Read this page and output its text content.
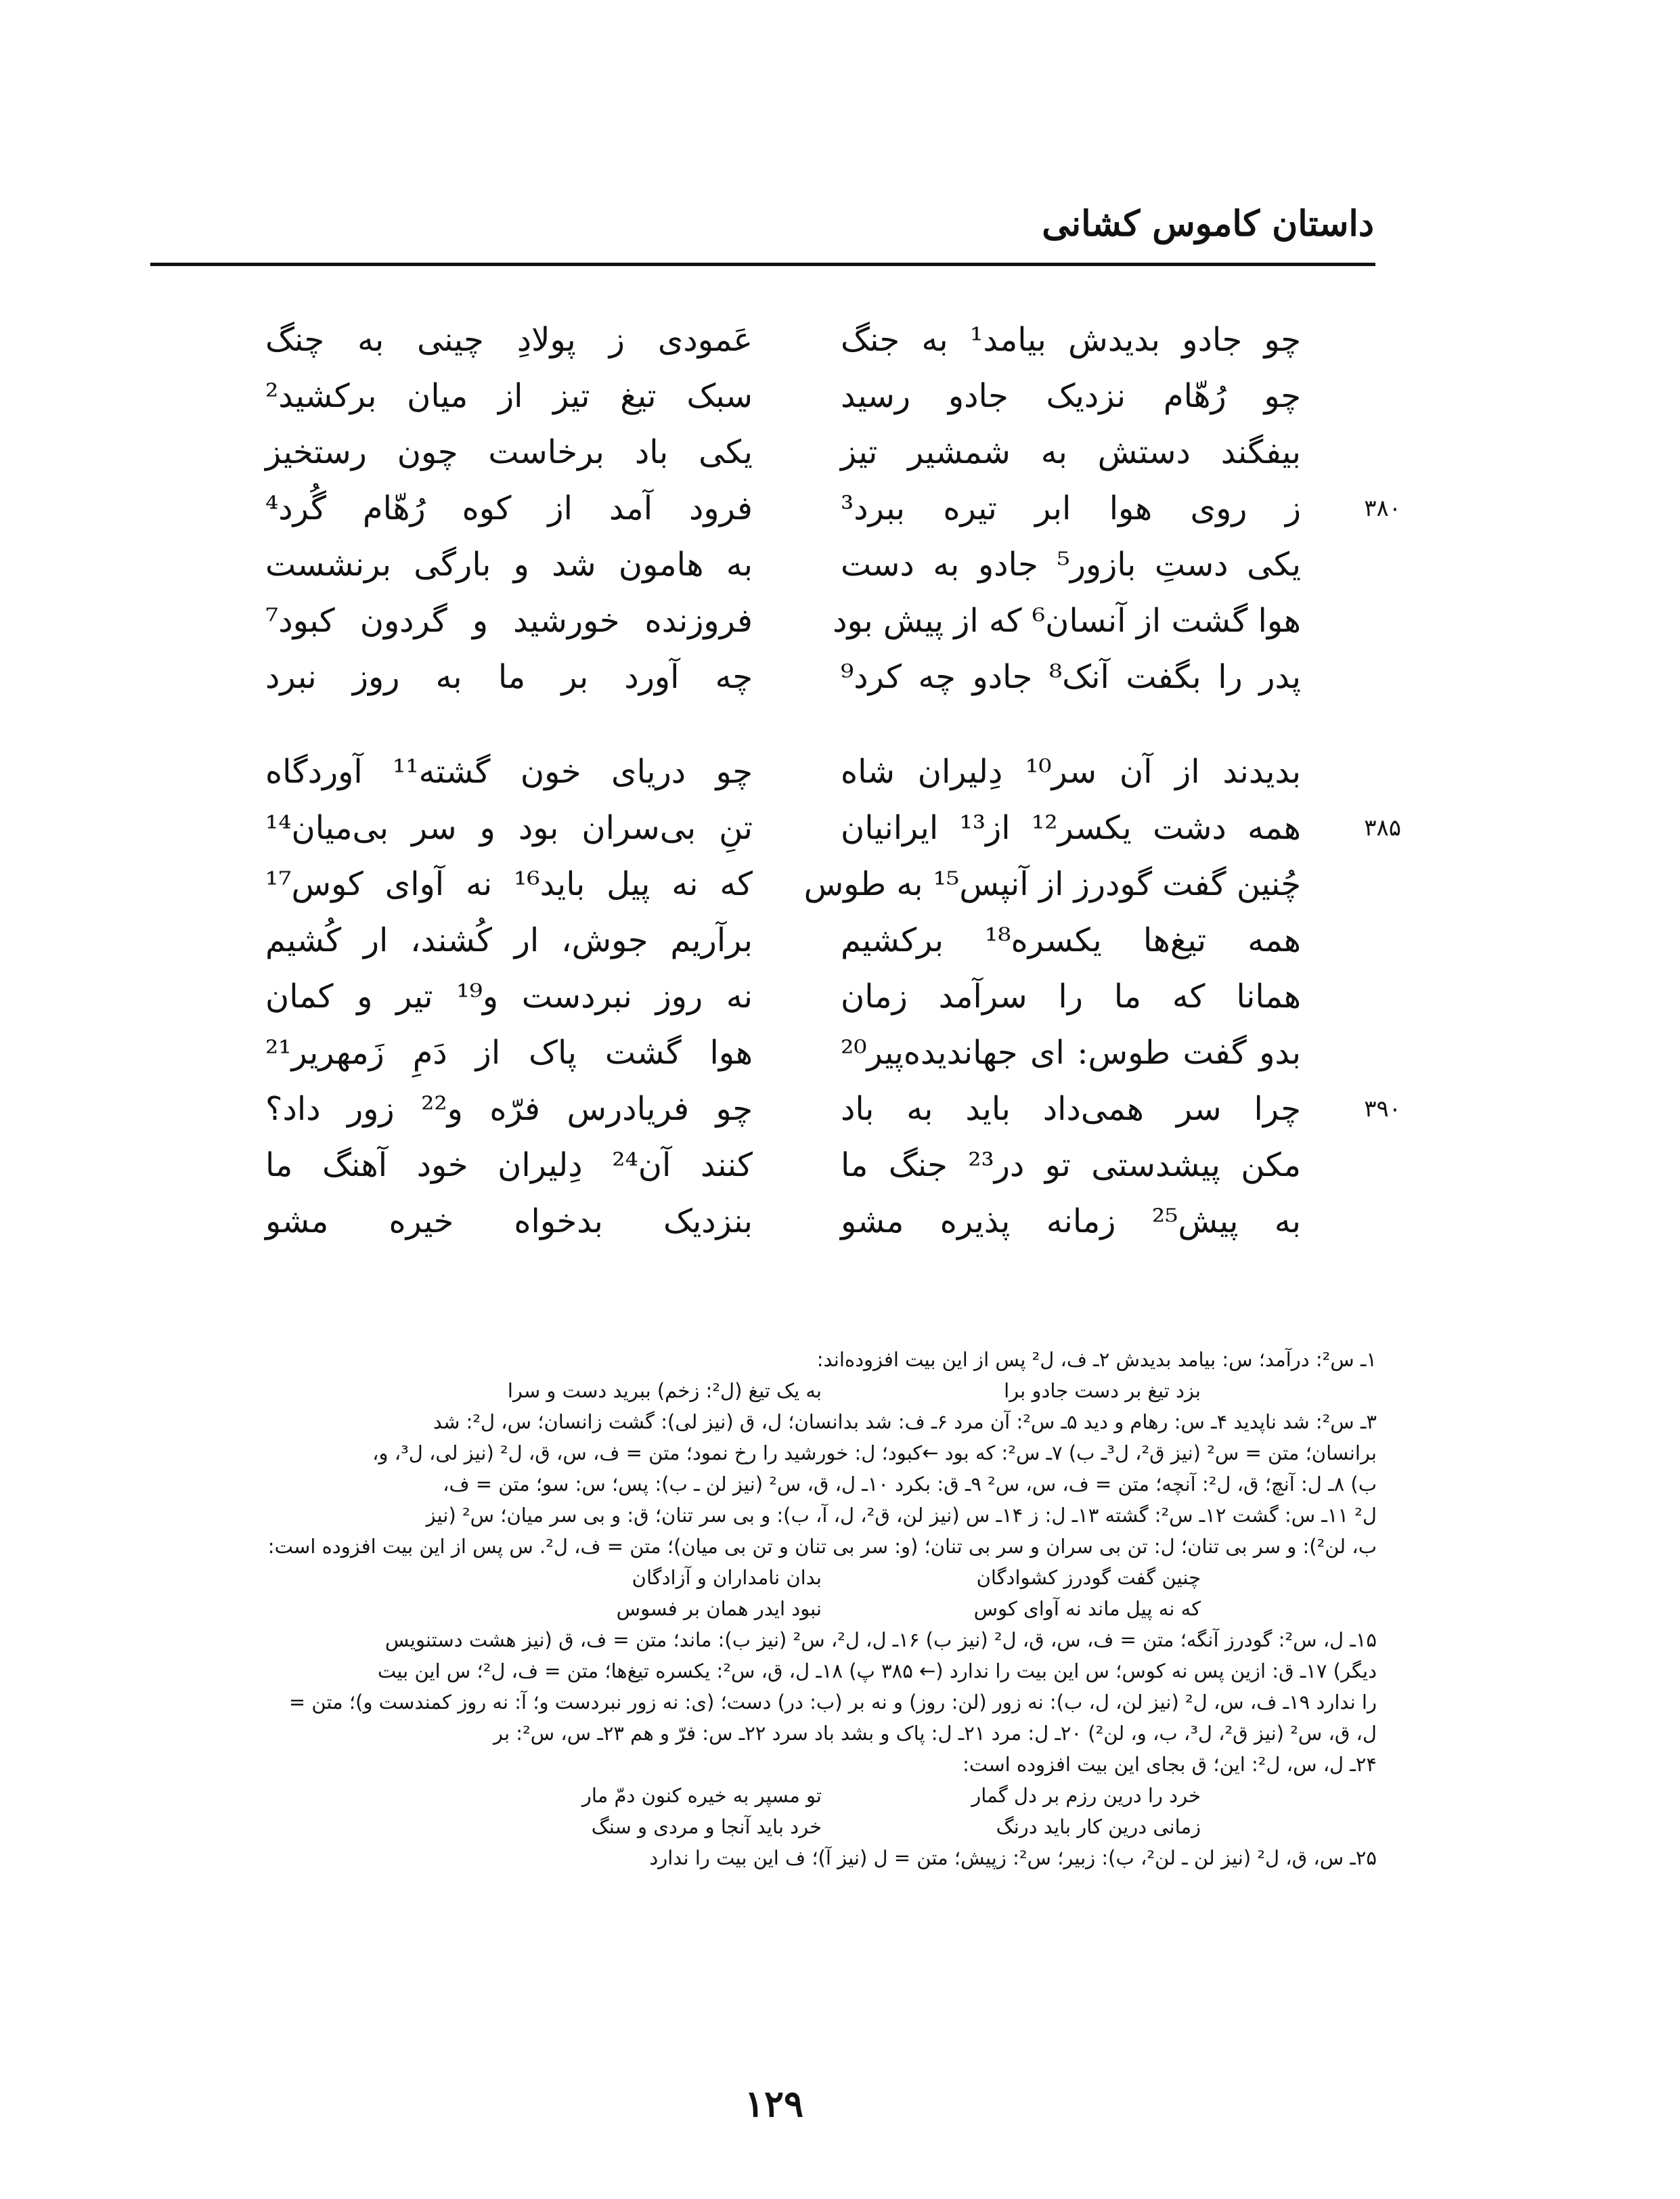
داستان کاموس کشانی
چو جادو بدیدش بیامد¹ به جنگ
عَمودی ز پولادِ چینی به چنگ
چو رُهّام نزدیک جادو رسید
سبک تیغ تیز از میان برکشید²
بیفگند دستش به شمشیر تیز
یکی باد برخاست چون رستخیز
۳۸۰
ز روی هوا ابر تیره ببرد³
فرود آمد از کوه رُهّام گُرد⁴
یکی دستِ بازور⁵ جادو به دست
به هامون شد و بارگی برنشست
هوا گشت از آنسان⁶ که از پیش بود
فروزنده خورشید و گردون کبود⁷
پدر را بگفت آنک⁸ جادو چه کرد⁹
چه آورد بر ما به روز نبرد
بدیدند از آن سر¹⁰ دِلیران شاه
چو دریای خون گشته¹¹ آوردگاه
۳۸۵
همه دشت یکسر¹² از¹³ ایرانیان
تنِ بی‌سران بود و سر بی‌میان¹⁴
چُنین گفت گودرز از آنپس¹⁵ به طوس
که نه پیل باید¹⁶ نه آوای کوس¹⁷
همه تیغ‌ها یکسره¹⁸ برکشیم
برآریم جوش، ار کُشند، ار کُشیم
همانا که ما را سرآمد زمان
نه روز نبردست و¹⁹ تیر و کمان
بدو گفت طوس: ای جهاندیده‌پیر²⁰
هوا گشت پاک از دَمِ زَمهریر²¹
۳۹۰
چرا سر همی‌داد باید به باد
چو فریادرس فرّه و²² زور داد؟
مکن پیشدستی تو در²³ جنگ ما
کنند آن²⁴ دِلیران خود آهنگ ما
به پیش²⁵ زمانه پذیره مشو
بنزدیک بدخواه خیره مشو
۱ـ س²: درآمد؛ س: بیامد بدیدش ۲ـ ف، ل² پس از این بیت افزوده‌اند:
بزد تیغ بر دست جادو برا
به یک تیغ (ل²: زخم) ببرید دست و سرا
۳ـ س²: شد ناپدید ۴ـ س: رهام و دید ۵ـ س²: آن مرد ۶ـ ف: شد بدانسان؛ ل، ق (نیز لی): گشت زانسان؛ س، ل²: شد
برانسان؛ متن = س² (نیز ق²، ل³ـ ب) ۷ـ س²: که بود ←کبود؛ ل: خورشید را رخ نمود؛ متن = ف، س، ق، ل² (نیز لی، ل³، و،
ب) ۸ـ ل: آنچ؛ ق، ل²: آنچه؛ متن = ف، س، س² ۹ـ ق: بکرد ۱۰ـ ل، ق، س² (نیز لن ـ ب): پس؛ س: سو؛ متن = ف،
ل² ۱۱ـ س: گشت ۱۲ـ س²: گشته ۱۳ـ ل: ز ۱۴ـ س (نیز لن، ق²، ل، آ، ب): و بی سر تنان؛ ق: و بی سر میان؛ س² (نیز
ب، لن²): و سر بی تنان؛ ل: تن بی سران و سر بی تنان؛ (و: سر بی تنان و تن بی میان)؛ متن = ف، ل². س پس از این بیت افزوده است:
چنین گفت گودرز کشوادگان
بدان نامداران و آزادگان
که نه پیل ماند نه آوای کوس
نبود ایدر همان بر فسوس
۱۵ـ ل، س²: گودرز آنگه؛ متن = ف، س، ق، ل² (نیز ب) ۱۶ـ ل، ل²، س² (نیز ب): ماند؛ متن = ف، ق (نیز هشت دستنویس
دیگر) ۱۷ـ ق: ازین پس نه کوس؛ س این بیت را ندارد (← ۳۸۵ پ) ۱۸ـ ل، ق، س²: یکسره تیغ‌ها؛ متن = ف، ل²؛ س این بیت
را ندارد ۱۹ـ ف، س، ل² (نیز لن، ل، ب): نه زور (لن: روز) و نه بر (ب: در) دست؛ (ی: نه زور نبردست و؛ آ: نه روز کمندست و)؛ متن =
ل، ق، س² (نیز ق²، ل³، ب، و، لن²) ۲۰ـ ل: مرد ۲۱ـ ل: پاک و بشد باد سرد ۲۲ـ س: فرّ و هم ۲۳ـ س، س²: بر
۲۴ـ ل، س، ل²: این؛ ق بجای این بیت افزوده است:
خرد را درین رزم بر دل گمار
تو مسپر به خیره کنون دمّ مار
زمانی درین کار باید درنگ
خرد باید آنجا و مردی و سنگ
۲۵ـ س، ق، ل² (نیز لن ـ لن²، ب): زبیر؛ س²: زپیش؛ متن = ل (نیز آ)؛ ف این بیت را ندارد
۱۲۹
